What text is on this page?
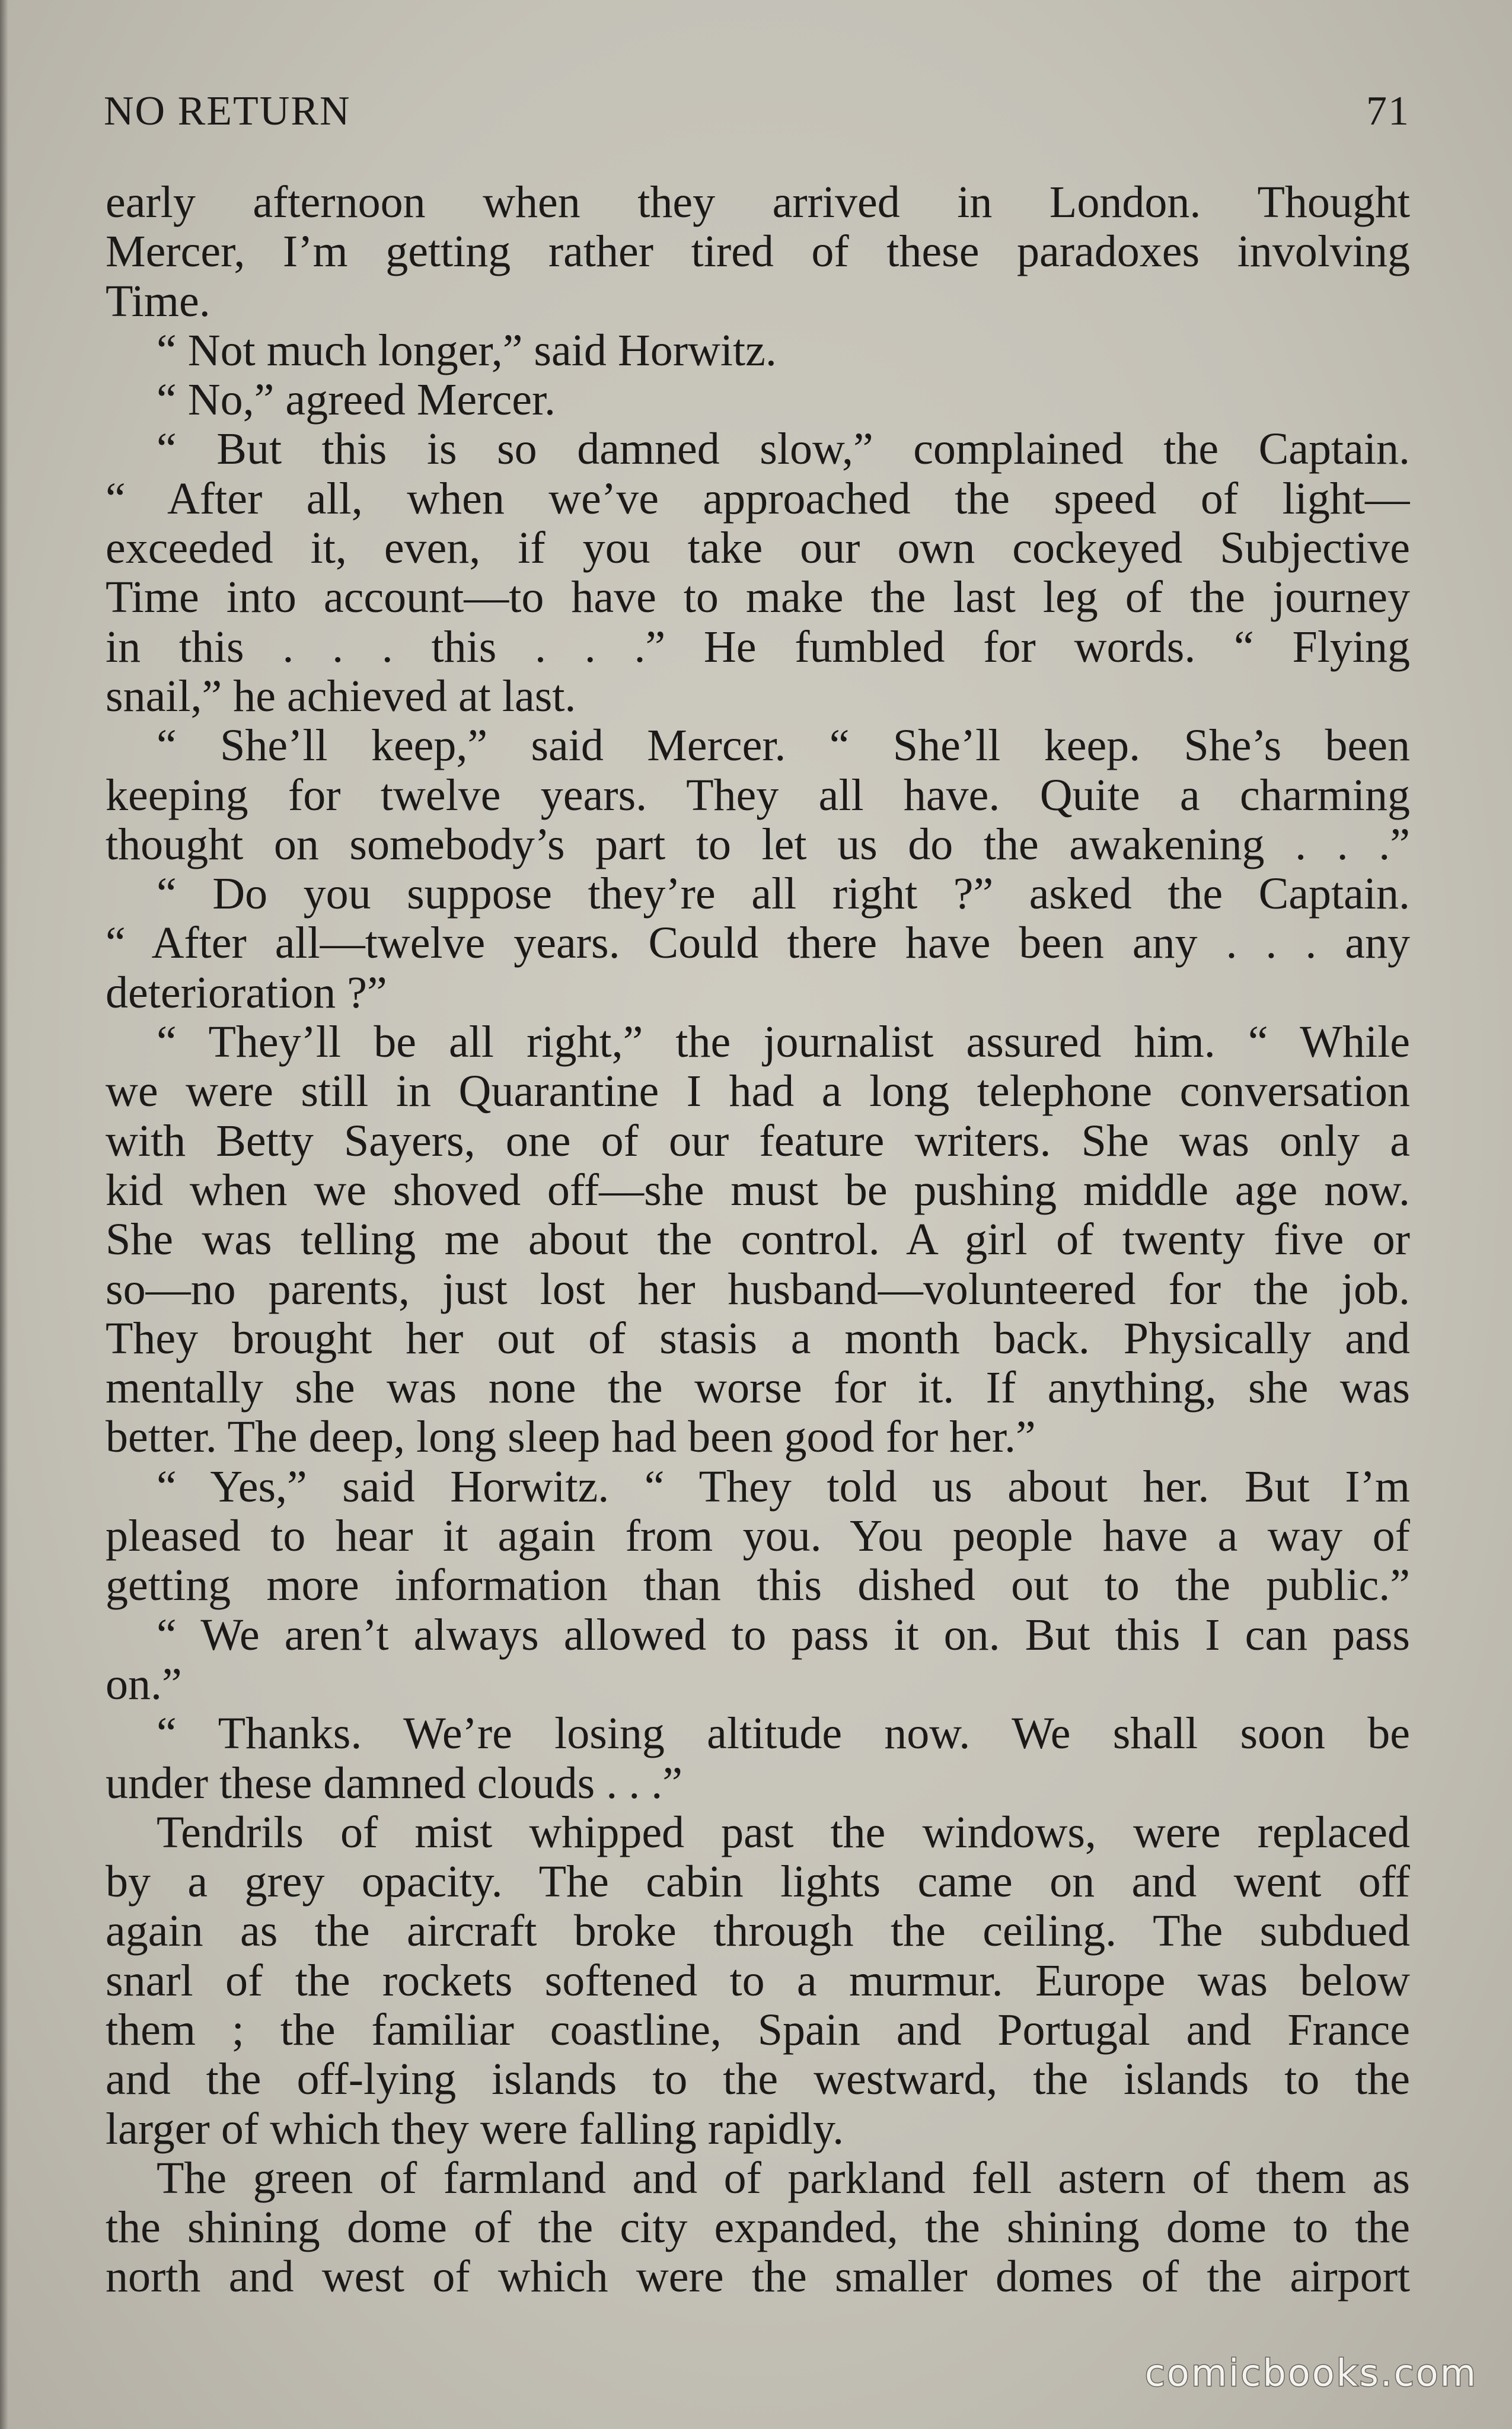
NO RETURN	71
early afternoon when they arrived in London. Thought
Mercer, I’m getting rather tired of these paradoxes involving
Time.
“ Not much longer,” said Horwitz.
“ No,” agreed Mercer.
“ But this is so damned slow,” complained the Captain.
“ After all, when we’ve approached the speed of light—
exceeded it, even, if you take our own cockeyed Subjective
Time into account—to have to make the last leg of the journey
in this . . . this . . .” He fumbled for words. “ Flying
snail,” he achieved at last.
“ She’ll keep,” said Mercer. “ She’ll keep. She’s been
keeping for twelve years. They all have. Quite a charming
thought on somebody’s part to let us do the awakening . . .”
“ Do you suppose they’re all right ?” asked the Captain.
“ After all—twelve years. Could there have been any . . . any
deterioration ?”
“ They’ll be all right,” the journalist assured him. “ While
we were still in Quarantine I had a long telephone conversation
with Betty Sayers, one of our feature writers. She was only a
kid when we shoved off—she must be pushing middle age now.
She was telling me about the control. A girl of twenty five or
so—no parents, just lost her husband—volunteered for the job.
They brought her out of stasis a month back. Physically and
mentally she was none the worse for it. If anything, she was
better. The deep, long sleep had been good for her.”
“ Yes,” said Horwitz. “ They told us about her. But I’m
pleased to hear it again from you. You people have a way of
getting more information than this dished out to the public.”
“ We aren’t always allowed to pass it on. But this I can pass
on.”
“ Thanks. We’re losing altitude now. We shall soon be
under these damned clouds . . .”
Tendrils of mist whipped past the windows, were replaced
by a grey opacity. The cabin lights came on and went off
again as the aircraft broke through the ceiling. The subdued
snarl of the rockets softened to a murmur. Europe was below
them ; the familiar coastline, Spain and Portugal and France
and the off-lying islands to the westward, the islands to the
larger of which they were falling rapidly.
The green of farmland and of parkland fell astern of them as
the shining dome of the city expanded, the shining dome to the
north and west of which were the smaller domes of the airport
comicbooks.com
